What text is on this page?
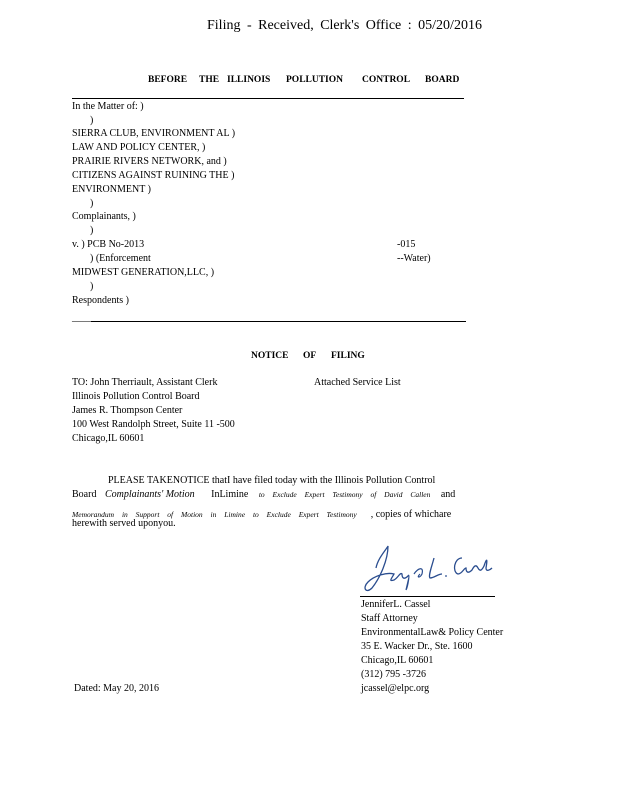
Filing - Received, Clerk's Office : 05/20/2016
BEFORE THE ILLINOIS POLLUTION CONTROL BOARD
In the Matter of: )
)
SIERRA CLUB, ENVIRONMENT AL )
LAW AND POLICY CENTER, )
PRAIRIE RIVERS NETWORK, and )
CITIZENS AGAINST RUINING THE )
ENVIRONMENT )
)
Complainants, )
)
v. ) PCB No-2013
) (Enforcement
MIDWEST GENERATION,LLC, )
)
Respondents )
-015
--Water)
____
NOTICE OF FILING
TO: John Therriault, Assistant Clerk
Illinois Pollution Control Board
James R. Thompson Center
100 West Randolph Street, Suite 11 -500
Chicago,IL 60601
Attached Service List
PLEASE TAKENOTICE thatI have filed today with the Illinois Pollution Control
Board Complainants' Motion InLimine to Exclude Expert Testimony of David Callen and
Memorandum in Support of Motion in Limine to Exclude Expert Testimony , copies of whichare
herewith served uponyou.
JenniferL. Cassel
Staff Attorney
EnvironmentalLaw& Policy Center
35 E. Wacker Dr., Ste. 1600
Chicago,IL 60601
(312) 795 -3726
jcassel@elpc.org
Dated: May 20, 2016
